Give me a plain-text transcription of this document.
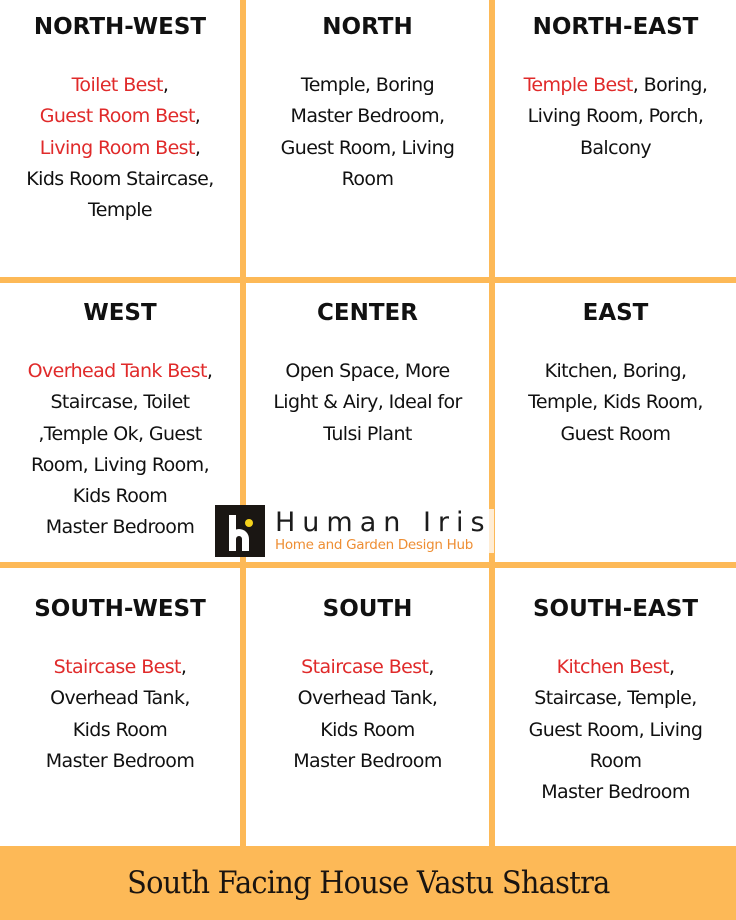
NORTH-WEST
Toilet Best,
Guest Room Best,
Living Room Best,
Kids Room Staircase,
Temple
NORTH
Temple, Boring
Master Bedroom,
Guest Room, Living
Room
NORTH-EAST
Temple Best, Boring,
Living Room, Porch,
Balcony
WEST
Overhead Tank Best,
Staircase, Toilet
,Temple Ok, Guest
Room, Living Room,
Kids Room
Master Bedroom
CENTER
Open Space, More
Light & Airy, Ideal for
Tulsi Plant
EAST
Kitchen, Boring,
Temple, Kids Room,
Guest Room
SOUTH-WEST
Staircase Best,
Overhead Tank,
Kids Room
Master Bedroom
SOUTH
Staircase Best,
Overhead Tank,
Kids Room
Master Bedroom
SOUTH-EAST
Kitchen Best,
Staircase, Temple,
Guest Room, Living
Room
Master Bedroom
Human Iris
Home and Garden Design Hub
South Facing House Vastu Shastra
